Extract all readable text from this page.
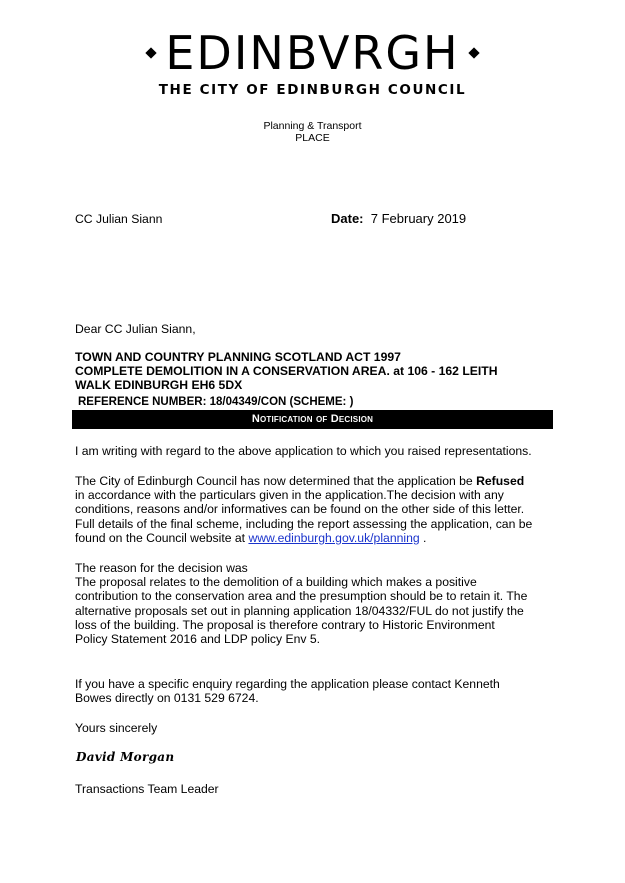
EDINBVRGH
THE CITY OF EDINBURGH COUNCIL
Planning & Transport
PLACE
CC Julian Siann	Date: 7 February 2019
Dear CC Julian Siann,
TOWN AND COUNTRY PLANNING SCOTLAND ACT 1997
COMPLETE DEMOLITION IN A CONSERVATION AREA. at 106 - 162 LEITH
WALK EDINBURGH EH6 5DX
REFERENCE NUMBER: 18/04349/CON (SCHEME: )
Notification of Decision
I am writing with regard to the above application to which you raised representations.
The City of Edinburgh Council has now determined that the application be Refused
in accordance with the particulars given in the application.The decision with any
conditions, reasons and/or informatives can be found on the other side of this letter.
Full details of the final scheme, including the report assessing the application, can be
found on the Council website at www.edinburgh.gov.uk/planning .
The reason for the decision was
The proposal relates to the demolition of a building which makes a positive
contribution to the conservation area and the presumption should be to retain it. The
alternative proposals set out in planning application 18/04332/FUL do not justify the
loss of the building. The proposal is therefore contrary to Historic Environment
Policy Statement 2016 and LDP policy Env 5.
If you have a specific enquiry regarding the application please contact Kenneth
Bowes directly on 0131 529 6724.
Yours sincerely
David Morgan
Transactions Team Leader
